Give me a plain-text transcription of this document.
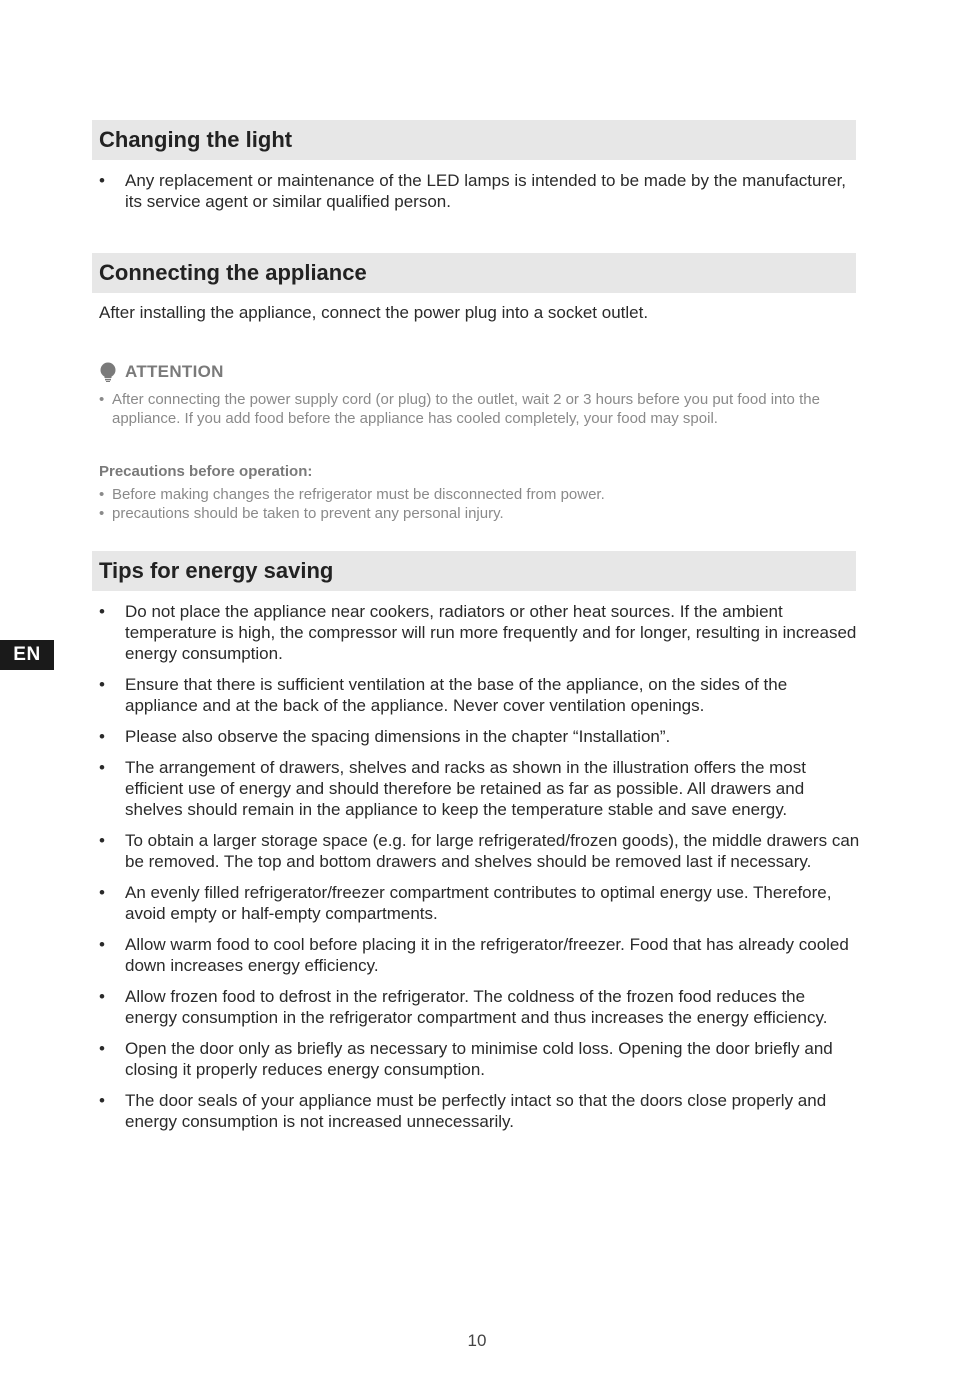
Changing the light
• Any replacement or maintenance of the LED lamps is intended to be made by the manufacturer, its service agent or similar qualified person.
Connecting the appliance

After installing the appliance, connect the power plug into a socket outlet.

ATTENTION
• After connecting the power supply cord (or plug) to the outlet, wait 2 or 3 hours before you put food into the appliance. If you add food before the appliance has cooled completely, your food may spoil.
Precautions before operation:
• Before making changes the refrigerator must be disconnected from power.
• precautions should be taken to prevent any personal injury.
Tips for energy saving
• Do not place the appliance near cookers, radiators or other heat sources. If the ambient temperature is high, the compressor will run more frequently and for longer, resulting in increased energy consumption.
• Ensure that there is sufficient ventilation at the base of the appliance, on the sides of the appliance and at the back of the appliance. Never cover ventilation openings.
• Please also observe the spacing dimensions in the chapter “Installation”.
• The arrangement of drawers, shelves and racks as shown in the illustration offers the most efficient use of energy and should therefore be retained as far as possible. All drawers and shelves should remain in the appliance to keep the temperature stable and save energy.
• To obtain a larger storage space (e.g. for large refrigerated/frozen goods), the middle drawers can be removed. The top and bottom drawers and shelves should be removed last if necessary.
• An evenly filled refrigerator/freezer compartment contributes to optimal energy use. Therefore, avoid empty or half-empty compartments.
• Allow warm food to cool before placing it in the refrigerator/freezer. Food that has already cooled down increases energy efficiency.
• Allow frozen food to defrost in the refrigerator. The coldness of the frozen food reduces the energy consumption in the refrigerator compartment and thus increases the energy efficiency.
• Open the door only as briefly as necessary to minimise cold loss. Opening the door briefly and closing it properly reduces energy consumption.
• The door seals of your appliance must be perfectly intact so that the doors close properly and energy consumption is not increased unnecessarily.
EN
10
